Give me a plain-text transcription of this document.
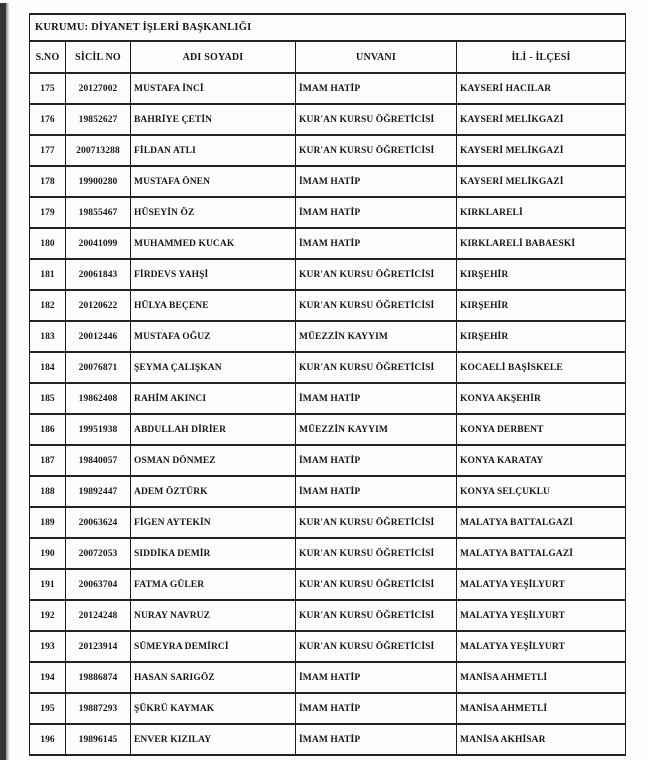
KURUMU: DİYANET İŞLERİ BAŞKANLIĞI				
S.NO	SİCİL NO	ADI SOYADI	UNVANI	İLİ - İLÇESİ
175	20127002	MUSTAFA İNCİ	İMAM HATİP	KAYSERİ HACILAR
176	19852627	BAHRİYE ÇETİN	KUR'AN KURSU ÖĞRETİCİSİ	KAYSERİ MELİKGAZİ
177	200713288	FİLDAN ATLI	KUR'AN KURSU ÖĞRETİCİSİ	KAYSERİ MELİKGAZİ
178	19900280	MUSTAFA ÖNEN	İMAM HATİP	KAYSERİ MELİKGAZİ
179	19855467	HÜSEYİN ÖZ	İMAM HATİP	KIRKLARELİ
180	20041099	MUHAMMED KUCAK	İMAM HATİP	KIRKLARELİ BABAESKİ
181	20061843	FİRDEVS YAHŞİ	KUR'AN KURSU ÖĞRETİCİSİ	KIRŞEHİR
182	20120622	HÜLYA BEÇENE	KUR'AN KURSU ÖĞRETİCİSİ	KIRŞEHİR
183	20012446	MUSTAFA OĞUZ	MÜEZZİN KAYYIM	KIRŞEHİR
184	20076871	ŞEYMA ÇALIŞKAN	KUR'AN KURSU ÖĞRETİCİSİ	KOCAELİ BAŞİSKELE
185	19862408	RAHİM AKINCI	İMAM HATİP	KONYA AKŞEHİR
186	19951938	ABDULLAH DİRİER	MÜEZZİN KAYYIM	KONYA DERBENT
187	19840057	OSMAN DÖNMEZ	İMAM HATİP	KONYA KARATAY
188	19892447	ADEM ÖZTÜRK	İMAM HATİP	KONYA SELÇUKLU
189	20063624	FİGEN AYTEKİN	KUR'AN KURSU ÖĞRETİCİSİ	MALATYA BATTALGAZİ
190	20072053	SIDDİKA DEMİR	KUR'AN KURSU ÖĞRETİCİSİ	MALATYA BATTALGAZİ
191	20063704	FATMA GÜLER	KUR'AN KURSU ÖĞRETİCİSİ	MALATYA YEŞİLYURT
192	20124248	NURAY NAVRUZ	KUR'AN KURSU ÖĞRETİCİSİ	MALATYA YEŞİLYURT
193	20123914	SÜMEYRA DEMİRCİ	KUR'AN KURSU ÖĞRETİCİSİ	MALATYA YEŞİLYURT
194	19886874	HASAN SARIGÖZ	İMAM HATİP	MANİSA AHMETLİ
195	19887293	ŞÜKRÜ KAYMAK	İMAM HATİP	MANİSA AHMETLİ
196	19896145	ENVER KIZILAY	İMAM HATİP	MANİSA AKHİSAR
